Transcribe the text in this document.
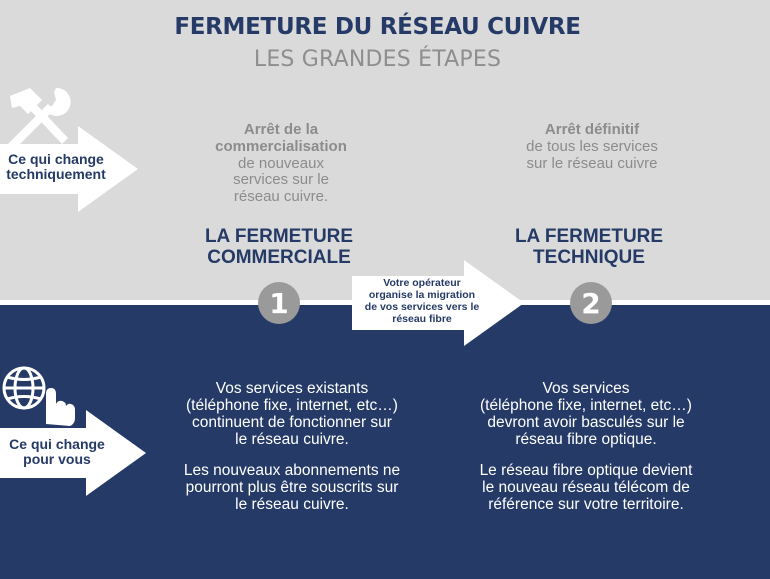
FERMETURE DU RÉSEAU CUIVRE
LES GRANDES ÉTAPES
Ce qui change
techniquement
Arrêt de la
commercialisation
de nouveaux
services sur le
réseau cuivre.
Arrêt définitif
de tous les services
sur le réseau cuivre
LA FERMETURE
COMMERCIALE
LA FERMETURE
TECHNIQUE
1	2
Votre opérateur
organise la migration
de vos services vers le
réseau fibre
Ce qui change
pour vous

Vos services existants
(téléphone fixe, internet, etc…)
continuent de fonctionner sur
le réseau cuivre.

Les nouveaux abonnements ne
pourront plus être souscrits sur
le réseau cuivre.

Vos services
(téléphone fixe, internet, etc…)
devront avoir basculés sur le
réseau fibre optique.

Le réseau fibre optique devient
le nouveau réseau télécom de
référence sur votre territoire.
